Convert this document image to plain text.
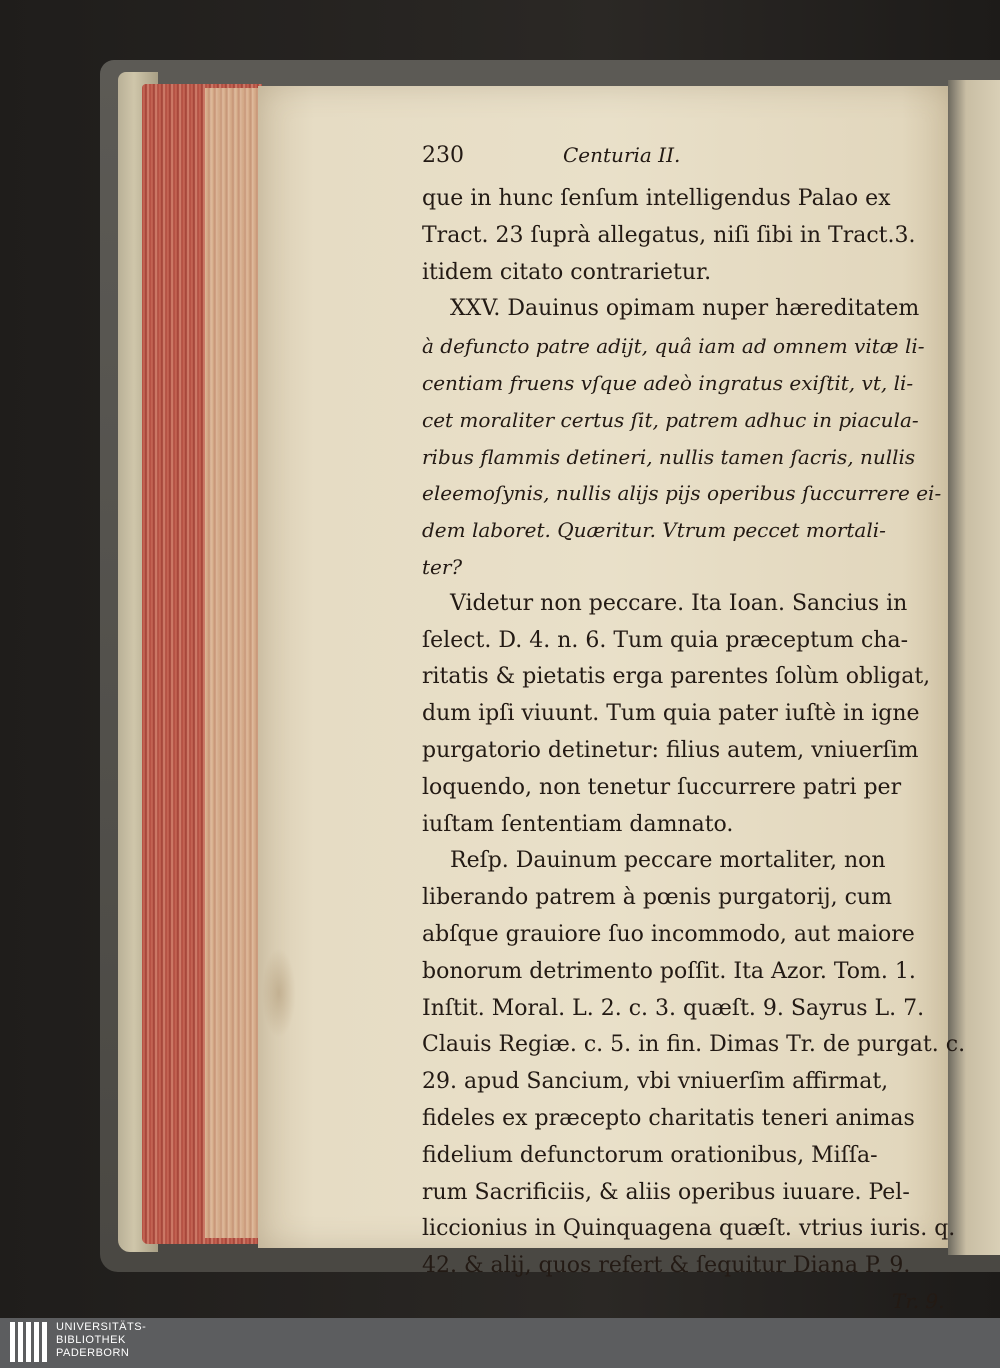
230	Centuria II.
que in hunc ſenſum intelligendus Palao ex
Tract. 23 ſuprà allegatus, niſi ſibi in Tract.3.
itidem citato contrarietur.
XXV. Dauinus opimam nuper hæreditatem
à defuncto patre adijt, quâ iam ad omnem vitæ li-
centiam fruens vſque adeò ingratus exiſtit, vt, li-
cet moraliter certus ſit, patrem adhuc in piacula-
ribus flammis detineri, nullis tamen ſacris, nullis
eleemoſynis, nullis alijs pijs operibus ſuccurrere ei-
dem laboret. Quæritur. Vtrum peccet mortali-
ter?
Videtur non peccare. Ita Ioan. Sancius in
ſelect. D. 4. n. 6. Tum quia præceptum cha-
ritatis & pietatis erga parentes ſolùm obligat,
dum ipſi viuunt. Tum quia pater iuſtè in igne
purgatorio detinetur: filius autem, vniuerſim
loquendo, non tenetur ſuccurrere patri per
iuſtam ſententiam damnato.
Reſp. Dauinum peccare mortaliter, non
liberando patrem à pœnis purgatorij, cum
abſque grauiore ſuo incommodo, aut maiore
bonorum detrimento poſſit. Ita Azor. Tom. 1.
Inſtit. Moral. L. 2. c. 3. quæſt. 9. Sayrus L. 7.
Clauis Regiæ. c. 5. in fin. Dimas Tr. de purgat. c.
29. apud Sancium, vbi vniuerſim affirmat,
fideles ex præcepto charitatis teneri animas
fidelium defunctorum orationibus, Miſſa-
rum Sacrificiis, & aliis operibus iuuare. Pel-
liccionius in Quinquagena quæſt. vtrius iuris. q.
42. & alij, quos refert & ſequitur Diana P. 9.
Tr. 9.
UNIVERSITÄTS-
BIBLIOTHEK
PADERBORN
